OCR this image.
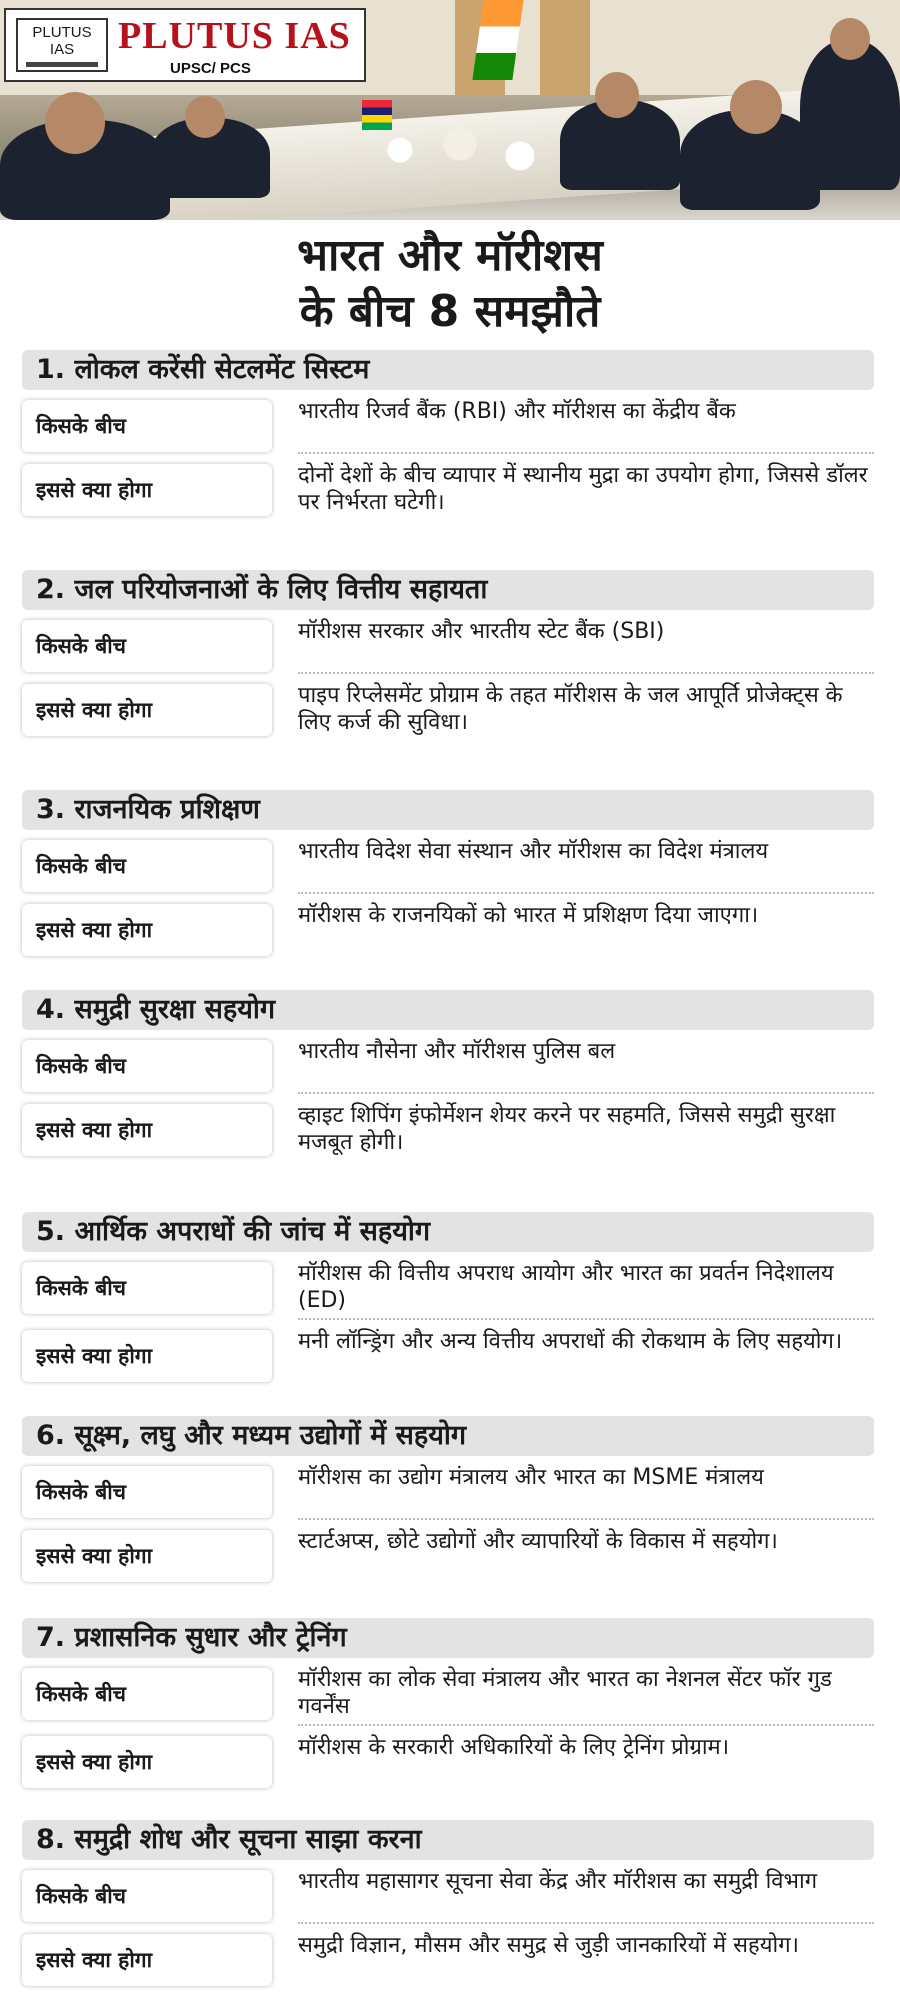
PLUTUS
IAS	PLUTUS IAS
UPSC/ PCS
भारत और मॉरीशस
के बीच 8 समझौते
1. लोकल करेंसी सेटलमेंट सिस्टम
किसके बीच
भारतीय रिजर्व बैंक (RBI) और मॉरीशस का केंद्रीय बैंक
इससे क्या होगा
दोनों देशों के बीच व्यापार में स्थानीय मुद्रा का उपयोग होगा, जिससे डॉलर पर निर्भरता घटेगी।
2. जल परियोजनाओं के लिए वित्तीय सहायता
किसके बीच
मॉरीशस सरकार और भारतीय स्टेट बैंक (SBI)
इससे क्या होगा
पाइप रिप्लेसमेंट प्रोग्राम के तहत मॉरीशस के जल आपूर्ति प्रोजेक्ट्स के लिए कर्ज की सुविधा।
3. राजनयिक प्रशिक्षण
किसके बीच
भारतीय विदेश सेवा संस्थान और मॉरीशस का विदेश मंत्रालय
इससे क्या होगा
मॉरीशस के राजनयिकों को भारत में प्रशिक्षण दिया जाएगा।
4. समुद्री सुरक्षा सहयोग
किसके बीच
भारतीय नौसेना और मॉरीशस पुलिस बल
इससे क्या होगा
व्हाइट शिपिंग इंफोर्मेशन शेयर करने पर सहमति, जिससे समुद्री सुरक्षा मजबूत होगी।
5. आर्थिक अपराधों की जांच में सहयोग
किसके बीच
मॉरीशस की वित्तीय अपराध आयोग और भारत का प्रवर्तन निदेशालय (ED)
इससे क्या होगा
मनी लॉन्ड्रिंग और अन्य वित्तीय अपराधों की रोकथाम के लिए सहयोग।
6. सूक्ष्म, लघु और मध्यम उद्योगों में सहयोग
किसके बीच
मॉरीशस का उद्योग मंत्रालय और भारत का MSME मंत्रालय
इससे क्या होगा
स्टार्टअप्स, छोटे उद्योगों और व्यापारियों के विकास में सहयोग।
7. प्रशासनिक सुधार और ट्रेनिंग
किसके बीच
मॉरीशस का लोक सेवा मंत्रालय और भारत का नेशनल सेंटर फॉर गुड गवर्नेंस
इससे क्या होगा
मॉरीशस के सरकारी अधिकारियों के लिए ट्रेनिंग प्रोग्राम।
8. समुद्री शोध और सूचना साझा करना
किसके बीच
भारतीय महासागर सूचना सेवा केंद्र और मॉरीशस का समुद्री विभाग
इससे क्या होगा
समुद्री विज्ञान, मौसम और समुद्र से जुड़ी जानकारियों में सहयोग।
